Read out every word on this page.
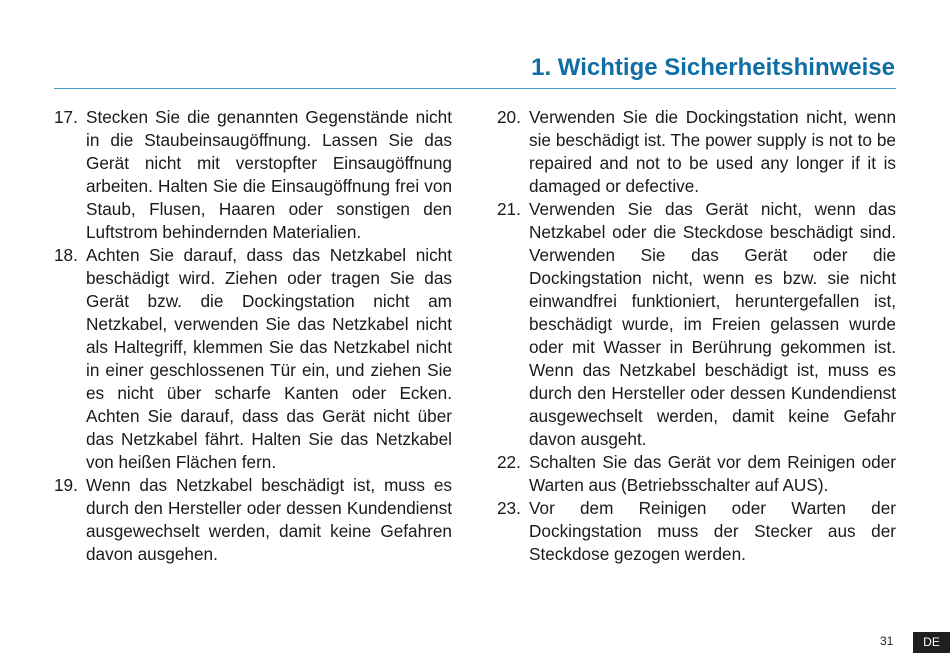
1. Wichtige Sicherheitshinweise
17. Stecken Sie die genannten Gegenstände nicht in die Staubeinsaugöffnung. Lassen Sie das Gerät nicht mit verstopfter Einsaugöffnung arbeiten. Halten Sie die Einsaugöffnung frei von Staub, Flusen, Haaren oder sonstigen den Luftstrom behindernden Materialien.
18. Achten Sie darauf, dass das Netzkabel nicht beschädigt wird. Ziehen oder tragen Sie das Gerät bzw. die Dockingstation nicht am Netzkabel, verwenden Sie das Netzkabel nicht als Haltegriff, klemmen Sie das Netzkabel nicht in einer geschlossenen Tür ein, und ziehen Sie es nicht über scharfe Kanten oder Ecken. Achten Sie darauf, dass das Gerät nicht über das Netzkabel fährt. Halten Sie das Netzkabel von heißen Flächen fern.
19. Wenn das Netzkabel beschädigt ist, muss es durch den Hersteller oder dessen Kundendienst ausgewechselt werden, damit keine Gefahren davon ausgehen.
20. Verwenden Sie die Dockingstation nicht, wenn sie beschädigt ist. The power supply is not to be repaired and not to be used any longer if it is damaged or defective.
21. Verwenden Sie das Gerät nicht, wenn das Netzkabel oder die Steckdose beschädigt sind. Verwenden Sie das Gerät oder die Dockingstation nicht, wenn es bzw. sie nicht einwandfrei funktioniert, heruntergefallen ist, beschädigt wurde, im Freien gelassen wurde oder mit Wasser in Berührung gekommen ist. Wenn das Netzkabel beschädigt ist, muss es durch den Hersteller oder dessen Kundendienst ausgewechselt werden, damit keine Gefahr davon ausgeht.
22. Schalten Sie das Gerät vor dem Reinigen oder Warten aus (Betriebsschalter auf AUS).
23. Vor dem Reinigen oder Warten der Dockingstation muss der Stecker aus der Steckdose gezogen werden.
31	DE
